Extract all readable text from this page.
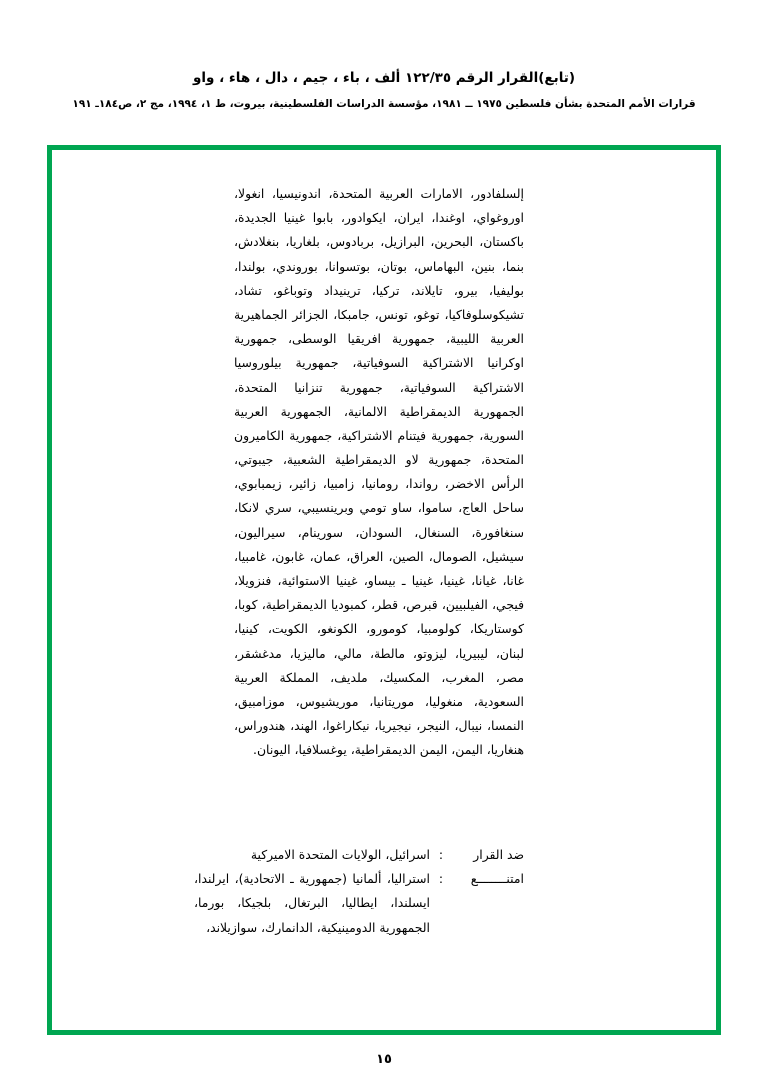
(تابع)القرار الرقم ١٢٢/٣٥ ألف ، باء ، جيم ، دال ، هاء ، واو
قرارات الأمم المتحدة بشأن فلسطين ١٩٧٥ ــ ١٩٨١، مؤسسة الدراسات الفلسطينية، بيروت، ط ١، ١٩٩٤، مج ٢، ص١٨٤ـ ١٩١

إلسلفادور، الامارات العربية المتحدة، اندونيسيا، انغولا، اوروغواي، اوغندا، ايران، ايكوادور، بابوا غينيا الجديدة، باكستان، البحرين، البرازيل، بربادوس، بلغاريا، بنغلادش، بنما، بنين، البهاماس، بوتان، بوتسوانا، بوروندي، بولندا، بوليفيا، بيرو، تايلاند، تركيا، ترينيداد وتوباغو، تشاد، تشيكوسلوفاكيا، توغو، تونس، جامبكا، الجزائر الجماهيرية العربية الليبية، جمهورية افريقيا الوسطى، جمهورية اوكرانيا الاشتراكية السوفياتية، جمهورية بيلوروسيا الاشتراكية السوفياتية، جمهورية تنزانيا المتحدة، الجمهورية الديمقراطية الالمانية، الجمهورية العربية السورية، جمهورية فيتنام الاشتراكية، جمهورية الكاميرون المتحدة، جمهورية لاو الديمقراطية الشعبية، جيبوتي، الرأس الاخضر، رواندا، رومانيا، زامبيا، زائير، زيمبابوي، ساحل العاج، ساموا، ساو تومي وبرينسيبي، سري لانكا، سنغافورة، السنغال، السودان، سورينام، سيراليون، سيشيل، الصومال، الصين، العراق، عمان، غابون، غامبيا، غانا، غيانا، غينيا، غينيا ـ بيساو، غينيا الاستوائية، فنزويلا، فيجي، الفيلبيين، قبرص، قطر، كمبوديا الديمقراطية، كوبا، كوستاريكا، كولومبيا، كومورو، الكونغو، الكويت، كينيا، لبنان، ليبيريا، ليزوتو، مالطة، مالي، ماليزيا، مدغشقر، مصر، المغرب، المكسيك، ملديف، المملكة العربية السعودية، منغوليا، موريتانيا، موريشيوس، موزامبيق، النمسا، نيبال، النيجر، نيجيريا، نيكاراغوا، الهند، هندوراس، هنغاريا، اليمن، اليمن الديمقراطية، يوغسلافيا، اليونان.

ضد القرار
:
اسرائيل، الولايات المتحدة الاميركية
امتنــــــــع
:
استراليا، ألمانيا (جمهورية ـ الاتحادية)، ايرلندا، ايسلندا، ايطاليا، البرتغال، بلجيكا، بورما، الجمهورية الدومينيكية، الدانمارك، سوازيلاند،
١٥
